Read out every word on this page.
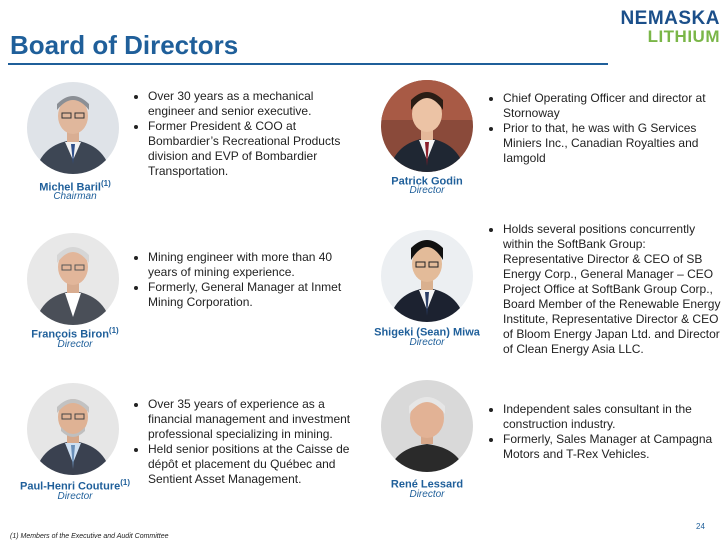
Board of Directors
NEMASKA
LITHIUM
Michel Baril$^{(1)}$
Chairman
• Over 30 years as a mechanical engineer and senior executive.
• Former President & COO at Bombardier’s Recreational Products division and EVP of Bombardier Transportation.
Patrick Godin
Director
• Chief Operating Officer and director at Stornoway
• Prior to that, he was with G Services Miniers Inc., Canadian Royalties and Iamgold
François Biron$^{(1)}$
Director
• Mining engineer with more than 40 years of mining experience.
• Formerly, General Manager at Inmet Mining Corporation.
Shigeki (Sean) Miwa
Director
• Holds several positions concurrently within the SoftBank Group: Representative Director & CEO of SB Energy Corp., General Manager – CEO Project Office at SoftBank Group Corp., Board Member of the Renewable Energy Institute, Representative Director & CEO of Bloom Energy Japan Ltd. and Director of Clean Energy Asia LLC.
Paul-Henri Couture$^{(1)}$
Director
• Over 35 years of experience as a financial management and investment professional specializing in mining.
• Held senior positions at the Caisse de dépôt et placement du Québec and Sentient Asset Management.	René Lessard
Director
• Independent sales consultant in the construction industry.
• Formerly, Sales Manager at Campagna Motors and T-Rex Vehicles.
24
(1) Members of the Executive and Audit Committee
